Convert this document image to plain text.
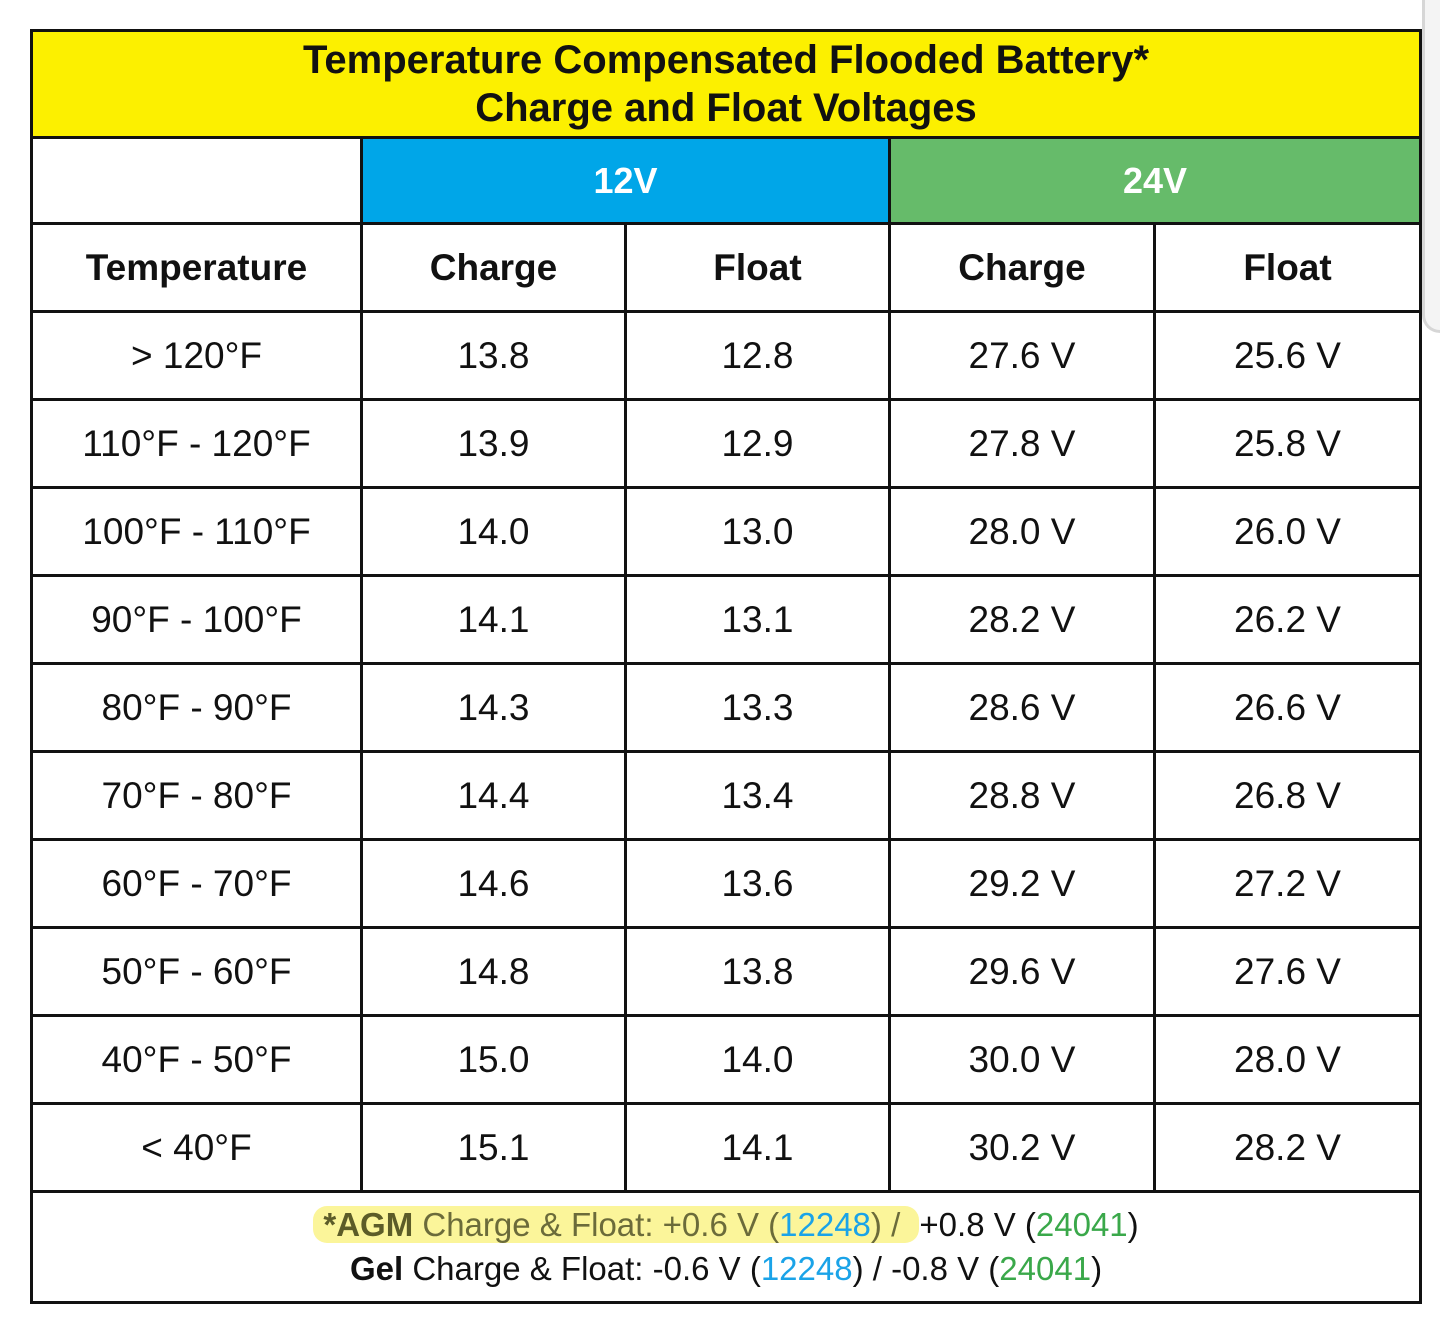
Temperature Compensated Flooded Battery*
Charge and Float Voltages				

	12V		24V	
Temperature	Charge	Float	Charge	Float
> 120°F	13.8	12.8	27.6 V	25.6 V
110°F - 120°F	13.9	12.9	27.8 V	25.8 V
100°F - 110°F	14.0	13.0	28.0 V	26.0 V
90°F - 100°F	14.1	13.1	28.2 V	26.2 V
80°F - 90°F	14.3	13.3	28.6 V	26.6 V
70°F - 80°F	14.4	13.4	28.8 V	26.8 V
60°F - 70°F	14.6	13.6	29.2 V	27.2 V
50°F - 60°F	14.8	13.8	29.6 V	27.6 V
40°F - 50°F	15.0	14.0	30.0 V	28.0 V
< 40°F	15.1	14.1	30.2 V	28.2 V

*AGM Charge & Float: +0.6 V (12248) / +0.8 V (24041)
Gel Charge & Float: -0.6 V (12248) / -0.8 V (24041)				
